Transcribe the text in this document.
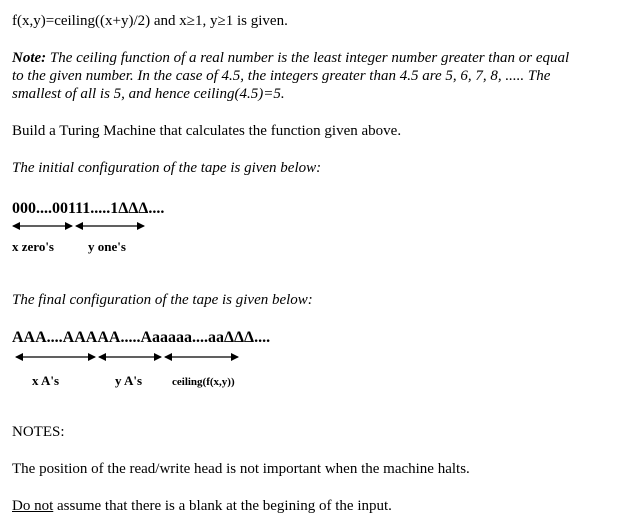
f(x,y)=ceiling((x+y)/2) and x≥1, y≥1 is given.
Note: The ceiling function of a real number is the least integer number greater than or equal
to the given number. In the case of 4.5, the integers greater than 4.5 are 5, 6, 7, 8, ..... The
smallest of all is 5, and hence ceiling(4.5)=5.
Build a Turing Machine that calculates the function given above.
The initial configuration of the tape is given below:
000....00111.....1ΔΔΔ....
x zero's	y one's
The final configuration of the tape is given below:
AAA....AAAAA.....Aaaaaa....aaΔΔΔ....
x A's	y A's	ceiling(f(x,y))
NOTES:
The position of the read/write head is not important when the machine halts.
Do not assume that there is a blank at the begining of the input.
